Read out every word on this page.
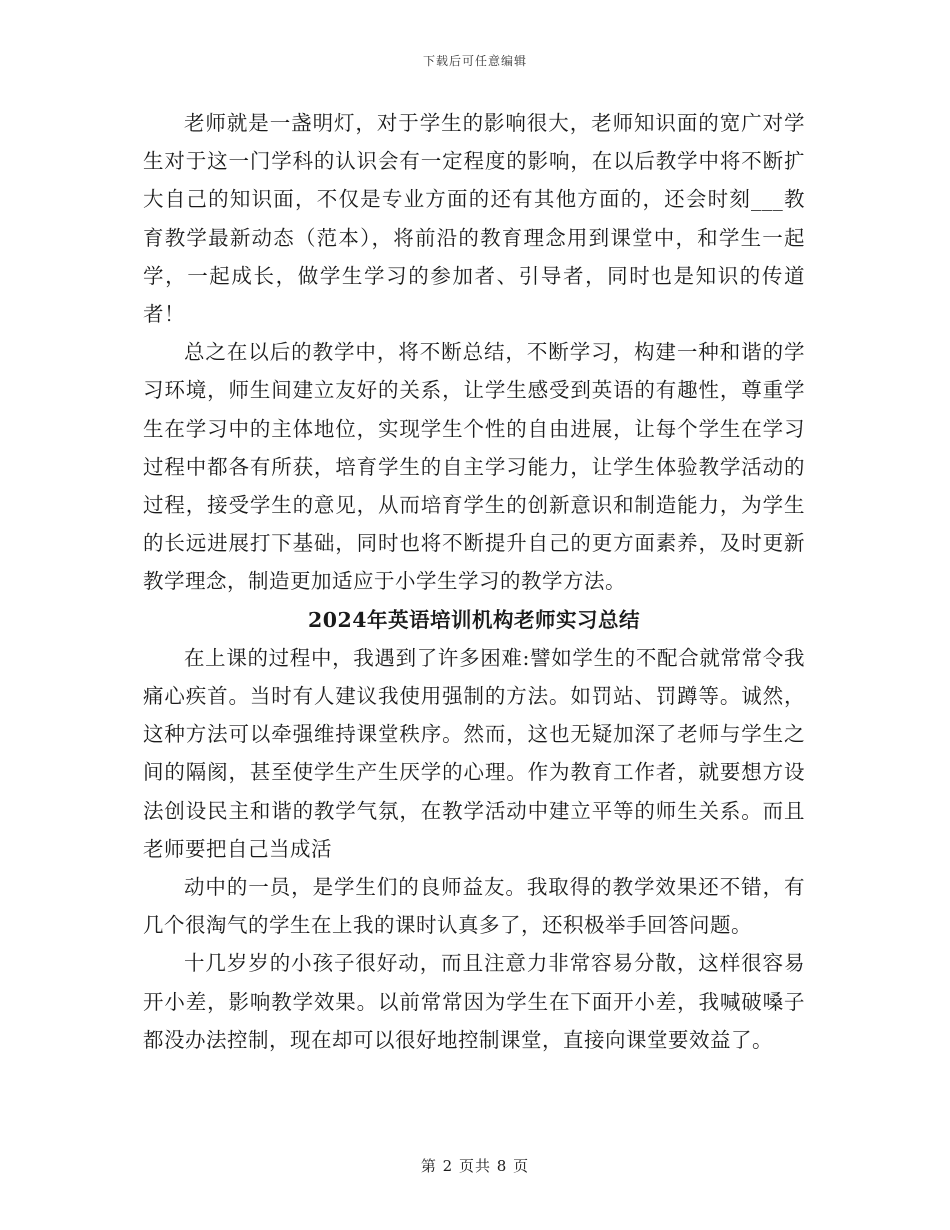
下载后可任意编辑

老师就是一盏明灯，对于学生的影响很大，老师知识面的宽广对学生对于这一门学科的认识会有一定程度的影响，在以后教学中将不断扩大自己的知识面，不仅是专业方面的还有其他方面的，还会时刻___教育教学最新动态（范本），将前沿的教育理念用到课堂中，和学生一起学，一起成长，做学生学习的参加者、引导者，同时也是知识的传道者！

总之在以后的教学中，将不断总结，不断学习，构建一种和谐的学习环境，师生间建立友好的关系，让学生感受到英语的有趣性，尊重学生在学习中的主体地位，实现学生个性的自由进展，让每个学生在学习过程中都各有所获，培育学生的自主学习能力，让学生体验教学活动的过程，接受学生的意见，从而培育学生的创新意识和制造能力，为学生的长远进展打下基础，同时也将不断提升自己的更方面素养，及时更新教学理念，制造更加适应于小学生学习的教学方法。

2024年英语培训机构老师实习总结

在上课的过程中，我遇到了许多困难:譬如学生的不配合就常常令我痛心疾首。当时有人建议我使用强制的方法。如罚站、罚蹲等。诚然，这种方法可以牵强维持课堂秩序。然而，这也无疑加深了老师与学生之间的隔阂，甚至使学生产生厌学的心理。作为教育工作者，就要想方设法创设民主和谐的教学气氛，在教学活动中建立平等的师生关系。而且老师要把自己当成活

动中的一员，是学生们的良师益友。我取得的教学效果还不错，有几个很淘气的学生在上我的课时认真多了，还积极举手回答问题。

十几岁岁的小孩子很好动，而且注意力非常容易分散，这样很容易开小差，影响教学效果。以前常常因为学生在下面开小差，我喊破嗓子都没办法控制，现在却可以很好地控制课堂，直接向课堂要效益了。

第 2 页共 8 页
